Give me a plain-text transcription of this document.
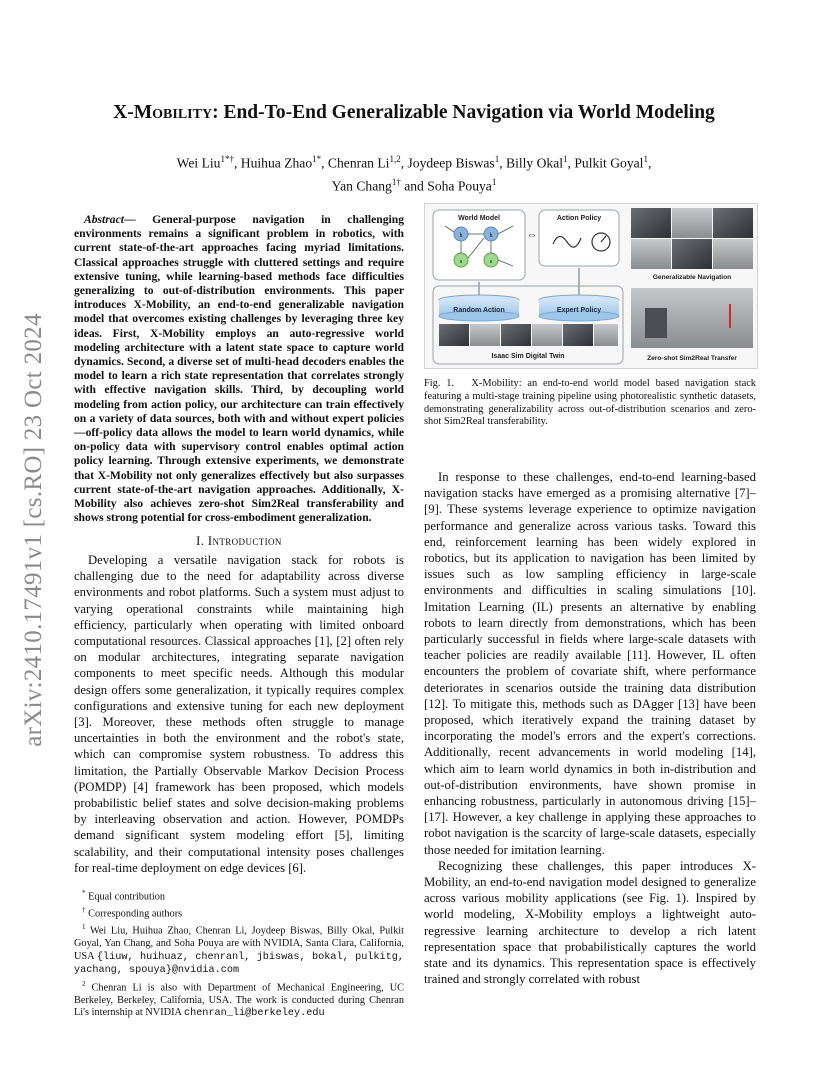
arXiv:2410.17491v1 [cs.RO] 23 Oct 2024
X-Mobility: End-To-End Generalizable Navigation via World Modeling
Wei Liu$^{1*\dagger}$, Huihua Zhao$^{1*}$, Chenran Li$^{1,2}$, Joydeep Biswas$^1$, Billy Okal$^1$, Pulkit Goyal$^1$,
Yan Chang$^{1\dagger}$ and Soha Pouya$^1$
Abstract— General-purpose navigation in challenging environments remains a significant problem in robotics, with current state-of-the-art approaches facing myriad limitations. Classical approaches struggle with cluttered settings and require extensive tuning, while learning-based methods face difficulties generalizing to out-of-distribution environments. This paper introduces X-Mobility, an end-to-end generalizable navigation model that overcomes existing challenges by leveraging three key ideas. First, X-Mobility employs an auto-regressive world modeling architecture with a latent state space to capture world dynamics. Second, a diverse set of multi-head decoders enables the model to learn a rich state representation that correlates strongly with effective navigation skills. Third, by decoupling world modeling from action policy, our architecture can train effectively on a variety of data sources, both with and without expert policies—off-policy data allows the model to learn world dynamics, while on-policy data with supervisory control enables optimal action policy learning. Through extensive experiments, we demonstrate that X-Mobility not only generalizes effectively but also surpasses current state-of-the-art navigation approaches. Additionally, X-Mobility also achieves zero-shot Sim2Real transferability and shows strong potential for cross-embodiment generalization.
I. Introduction

Developing a versatile navigation stack for robots is challenging due to the need for adaptability across diverse environments and robot platforms. Such a system must adjust to varying operational constraints while maintaining high efficiency, particularly when operating with limited onboard computational resources. Classical approaches [1], [2] often rely on modular architectures, integrating separate navigation components to meet specific needs. Although this modular design offers some generalization, it typically requires complex configurations and extensive tuning for each new deployment [3]. Moreover, these methods often struggle to manage uncertainties in both the environment and the robot's state, which can compromise system robustness. To address this limitation, the Partially Observable Markov Decision Process (POMDP) [4] framework has been proposed, which models probabilistic belief states and solve decision-making problems by interleaving observation and action. However, POMDPs demand significant system modeling effort [5], limiting scalability, and their computational intensity poses challenges for real-time deployment on edge devices [6].

* Equal contribution

† Corresponding authors

$^1$ Wei Liu, Huihua Zhao, Chenran Li, Joydeep Biswas, Billy Okal, Pulkit Goyal, Yan Chang, and Soha Pouya are with NVIDIA, Santa Clara, California, USA {liuw, huihuaz, chenranl, jbiswas, bokal, pulkitg, yachang, spouya}@nvidia.com

$^2$ Chenran Li is also with Department of Mechanical Engineering, UC Berkeley, Berkeley, California, USA. The work is conducted during Chenran Li's internship at NVIDIA chenran_li@berkeley.edu

World Model
h	h
s	s
⇔
Action Policy
Random Action	Expert Policy
Isaac Sim Digital Twin
Generalizable Navigation
Zero-shot Sim2Real Transfer
Fig. 1. X-Mobility: an end-to-end world model based navigation stack featuring a multi-stage training pipeline using photorealistic synthetic datasets, demonstrating generalizability across out-of-distribution scenarios and zero-shot Sim2Real transferability.

In response to these challenges, end-to-end learning-based navigation stacks have emerged as a promising alternative [7]–[9]. These systems leverage experience to optimize navigation performance and generalize across various tasks. Toward this end, reinforcement learning has been widely explored in robotics, but its application to navigation has been limited by issues such as low sampling efficiency in large-scale environments and difficulties in scaling simulations [10]. Imitation Learning (IL) presents an alternative by enabling robots to learn directly from demonstrations, which has been particularly successful in fields where large-scale datasets with teacher policies are readily available [11]. However, IL often encounters the problem of covariate shift, where performance deteriorates in scenarios outside the training data distribution [12]. To mitigate this, methods such as DAgger [13] have been proposed, which iteratively expand the training dataset by incorporating the model's errors and the expert's corrections. Additionally, recent advancements in world modeling [14], which aim to learn world dynamics in both in-distribution and out-of-distribution environments, have shown promise in enhancing robustness, particularly in autonomous driving [15]–[17]. However, a key challenge in applying these approaches to robot navigation is the scarcity of large-scale datasets, especially those needed for imitation learning.

Recognizing these challenges, this paper introduces X-Mobility, an end-to-end navigation model designed to generalize across various mobility applications (see Fig. 1). Inspired by world modeling, X-Mobility employs a lightweight auto-regressive learning architecture to develop a rich latent representation space that probabilistically captures the world state and its dynamics. This representation space is effectively trained and strongly correlated with robust
